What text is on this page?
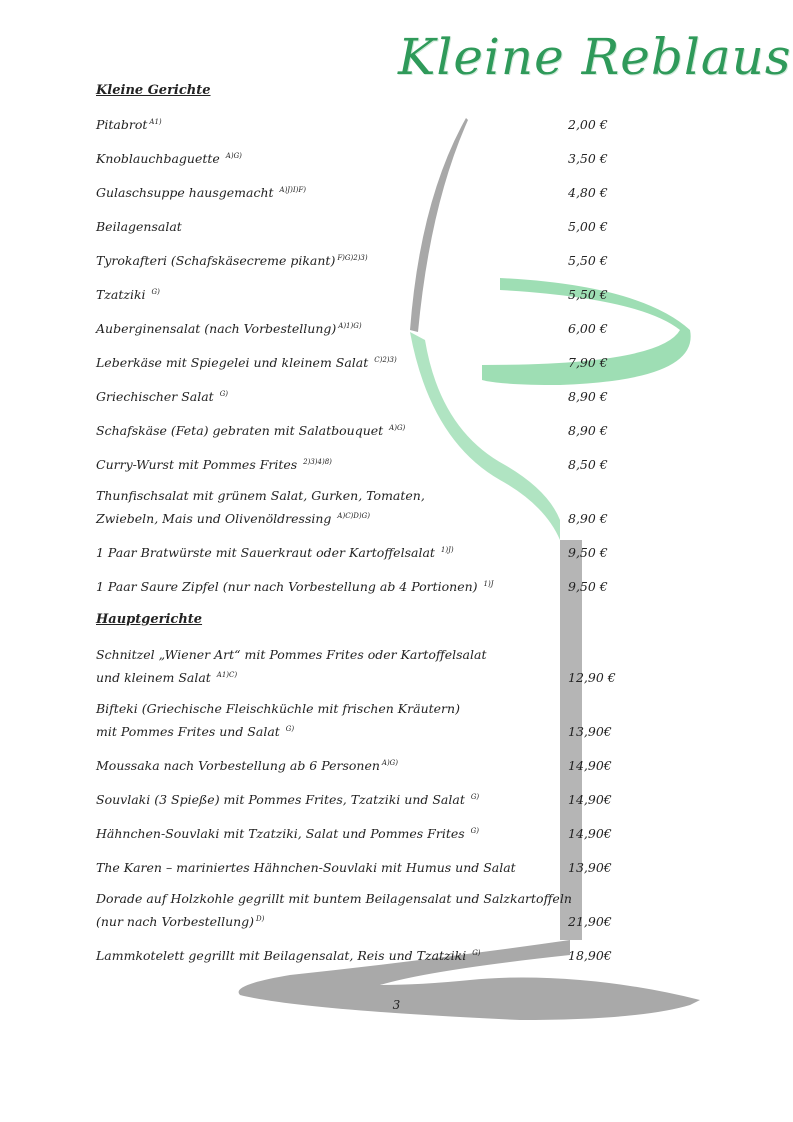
Kleine Reblaus
Kleine Gerichte
Pitabrot $^{A1)}$	2,00 €
Knoblauchbaguette $^{A)G)}$	3,50 €
Gulaschsuppe hausgemacht $^{A)J)I)F)}$	4,80 €
Beilagensalat	5,00 €
Tyrokafteri (Schafskäsecreme pikant) $^{F)G)2)3)}$	5,50 €
Tzatziki $^{G)}$	5,50 €
Auberginensalat (nach Vorbestellung) $^{A)1)G)}$	6,00 €
Leberkäse mit Spiegelei und kleinem Salat $^{C)2)3)}$	7,90 €
Griechischer Salat $^{G)}$	8,90 €
Schafskäse (Feta) gebraten mit Salatbouquet $^{A)G)}$	8,90 €
Curry-Wurst mit Pommes Frites $^{2)3)4)8)}$	8,50 €
Thunfischsalat mit grünem Salat, Gurken, Tomaten,
Zwiebeln, Mais und Olivenöldressing $^{A)C)D)G)}$	8,90 €
1 Paar Bratwürste mit Sauerkraut oder Kartoffelsalat $^{1)J)}$	9,50 €
1 Paar Saure Zipfel (nur nach Vorbestellung ab 4 Portionen) $^{1)J}$	9,50 €
Hauptgerichte
Schnitzel „Wiener Art“ mit Pommes Frites oder Kartoffelsalat
und kleinem Salat $^{A1)C)}$	12,90 €
Bifteki (Griechische Fleischküchle mit frischen Kräutern)
mit Pommes Frites und Salat $^{G)}$	13,90€
Moussaka nach Vorbestellung ab 6 Personen $^{A)G)}$	14,90€
Souvlaki (3 Spieße) mit Pommes Frites, Tzatziki und Salat $^{G)}$	14,90€
Hähnchen-Souvlaki mit Tzatziki, Salat und Pommes Frites $^{G)}$	14,90€
The Karen – mariniertes Hähnchen-Souvlaki mit Humus und Salat	13,90€
Dorade auf Holzkohle gegrillt mit buntem Beilagensalat und Salzkartoffeln
(nur nach Vorbestellung) $^{D)}$	21,90€
Lammkotelett gegrillt mit Beilagensalat, Reis und Tzatziki $^{G)}$	18,90€
3
